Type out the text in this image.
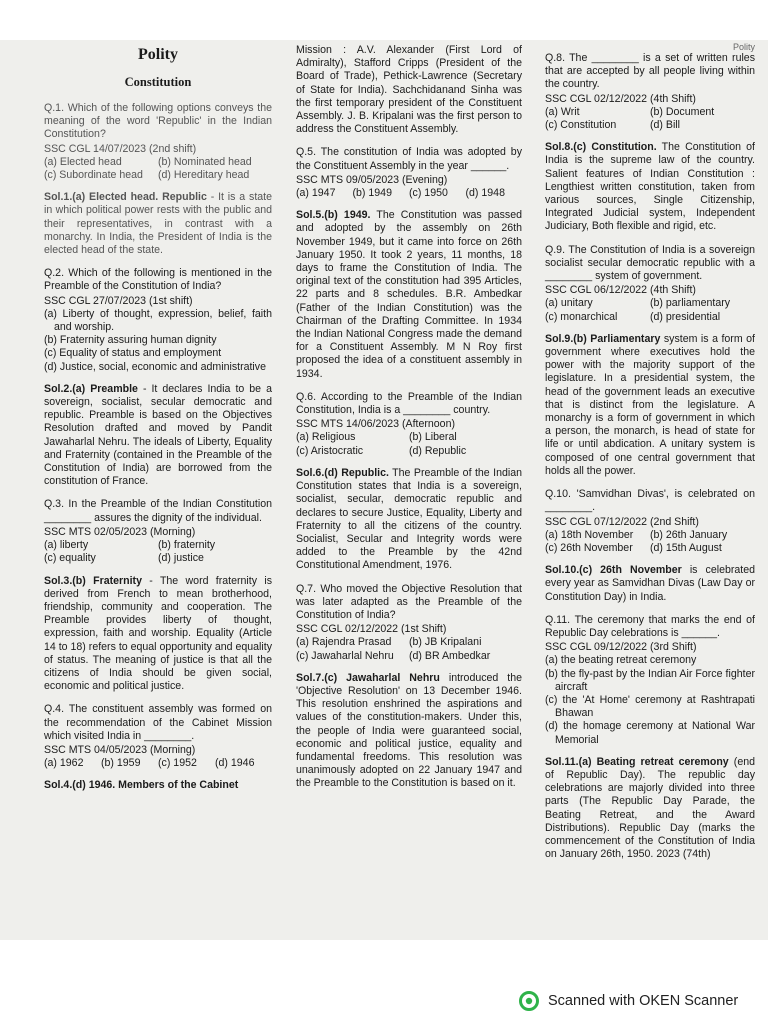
Polity
Constitution

Q.1. Which of the following options conveys the meaning of the word 'Republic' in the Indian Constitution?

SSC CGL 14/07/2023 (2nd shift)

(a) Elected head	(b) Nominated head
(c) Subordinate head	(d) Hereditary head

Sol.1.(a) Elected head. Republic - It is a state in which political power rests with the public and their representatives, in contrast with a monarchy. In India, the President of India is the elected head of the state.

Q.2. Which of the following is mentioned in the Preamble of the Constitution of India?

SSC CGL 27/07/2023 (1st shift)

(a) Liberty of thought, expression, belief, faith and worship.

(b) Fraternity assuring human dignity

(c) Equality of status and employment

(d) Justice, social, economic and administrative

Sol.2.(a) Preamble - It declares India to be a sovereign, socialist, secular democratic and republic. Preamble is based on the Objectives Resolution drafted and moved by Pandit Jawaharlal Nehru. The ideals of Liberty, Equality and Fraternity (contained in the Preamble of the Constitution of India) are borrowed from the constitution of France.

Q.3. In the Preamble of the Indian Constitution ________ assures the dignity of the individual.

SSC MTS 02/05/2023 (Morning)

(a) liberty	(b) fraternity
(c) equality	(d) justice

Sol.3.(b) Fraternity - The word fraternity is derived from French to mean brotherhood, friendship, community and cooperation. The Preamble provides liberty of thought, expression, faith and worship. Equality (Article 14 to 18) refers to equal opportunity and equality of status. The meaning of justice is that all the citizens of India should be given social, economic and political justice.

Q.4. The constituent assembly was formed on the recommendation of the Cabinet Mission which visited India in ________.

SSC MTS 04/05/2023 (Morning)

(a) 1962	(b) 1959	(c) 1952	(d) 1946

Sol.4.(d) 1946. Members of the Cabinet

Mission : A.V. Alexander (First Lord of Admiralty), Stafford Cripps (President of the Board of Trade), Pethick-Lawrence (Secretary of State for India). Sachchidanand Sinha was the first temporary president of the Constituent Assembly. J. B. Kripalani was the first person to address the Constituent Assembly.

Q.5. The constitution of India was adopted by the Constituent Assembly in the year ______.

SSC MTS 09/05/2023 (Evening)

(a) 1947	(b) 1949	(c) 1950	(d) 1948

Sol.5.(b) 1949. The Constitution was passed and adopted by the assembly on 26th November 1949, but it came into force on 26th January 1950. It took 2 years, 11 months, 18 days to frame the Constitution of India. The original text of the constitution had 395 Articles, 22 parts and 8 schedules. B.R. Ambedkar (Father of the Indian Constitution) was the Chairman of the Drafting Committee. In 1934 the Indian National Congress made the demand for a Constituent Assembly. M N Roy first proposed the idea of a constituent assembly in 1934.

Q.6. According to the Preamble of the Indian Constitution, India is a ________ country.

SSC MTS 14/06/2023 (Afternoon)

(a) Religious	(b) Liberal
(c) Aristocratic	(d) Republic

Sol.6.(d) Republic. The Preamble of the Indian Constitution states that India is a sovereign, socialist, secular, democratic republic and declares to secure Justice, Equality, Liberty and Fraternity to all the citizens of the country. Socialist, Secular and Integrity words were added to the Preamble by the 42nd Constitutional Amendment, 1976.

Q.7. Who moved the Objective Resolution that was later adapted as the Preamble of the Constitution of India?

SSC CGL 02/12/2022 (1st Shift)

(a) Rajendra Prasad	(b) JB Kripalani
(c) Jawaharlal Nehru	(d) BR Ambedkar

Sol.7.(c) Jawaharlal Nehru introduced the 'Objective Resolution' on 13 December 1946. This resolution enshrined the aspirations and values of the constitution-makers. Under this, the people of India were guaranteed social, economic and political justice, equality and fundamental freedoms. This resolution was unanimously adopted on 22 January 1947 and the Preamble to the Constitution is based on it.

Polity

Q.8. The ________ is a set of written rules that are accepted by all people living within the country.

SSC CGL 02/12/2022 (4th Shift)

(a) Writ	(b) Document
(c) Constitution	(d) Bill

Sol.8.(c) Constitution. The Constitution of India is the supreme law of the country. Salient features of Indian Constitution : Lengthiest written constitution, taken from various sources, Single Citizenship, Integrated Judicial system, Independent Judiciary, Both flexible and rigid, etc.

Q.9. The Constitution of India is a sovereign socialist secular democratic republic with a ________ system of government.

SSC CGL 06/12/2022 (4th Shift)

(a) unitary	(b) parliamentary
(c) monarchical	(d) presidential

Sol.9.(b) Parliamentary system is a form of government where executives hold the power with the majority support of the legislature. In a presidential system, the head of the government leads an executive that is distinct from the legislature. A monarchy is a form of government in which a person, the monarch, is head of state for life or until abdication. A unitary system is composed of one central government that holds all the power.

Q.10. 'Samvidhan Divas', is celebrated on ________.

SSC CGL 07/12/2022 (2nd Shift)

(a) 18th November	(b) 26th January
(c) 26th November	(d) 15th August

Sol.10.(c) 26th November is celebrated every year as Samvidhan Divas (Law Day or Constitution Day) in India.

Q.11. The ceremony that marks the end of Republic Day celebrations is ______.

SSC CGL 09/12/2022 (3rd Shift)

(a) the beating retreat ceremony

(b) the fly-past by the Indian Air Force fighter aircraft

(c) the 'At Home' ceremony at Rashtrapati Bhawan

(d) the homage ceremony at National War Memorial

Sol.11.(a) Beating retreat ceremony (end of Republic Day). The republic day celebrations are majorly divided into three parts (The Republic Day Parade, the Beating Retreat, and the Award Distributions). Republic Day (marks the commencement of the Constitution of India on January 26th, 1950. 2023 (74th)

Scanned with OKEN Scanner
